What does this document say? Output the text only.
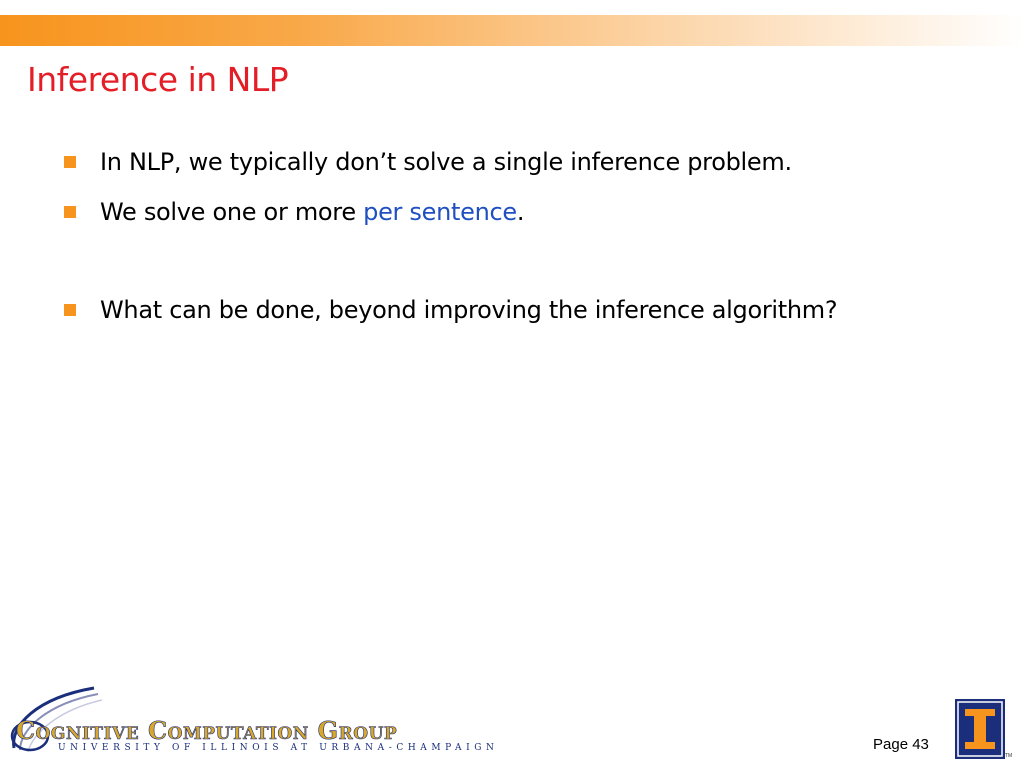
Inference in NLP
In NLP, we typically don’t solve a single inference problem.
We solve one or more per sentence.
What can be done, beyond improving the inference algorithm?
Cognitive Computation Group
UNIVERSITY OF ILLINOIS AT URBANA-CHAMPAIGN	Page 43
TM
